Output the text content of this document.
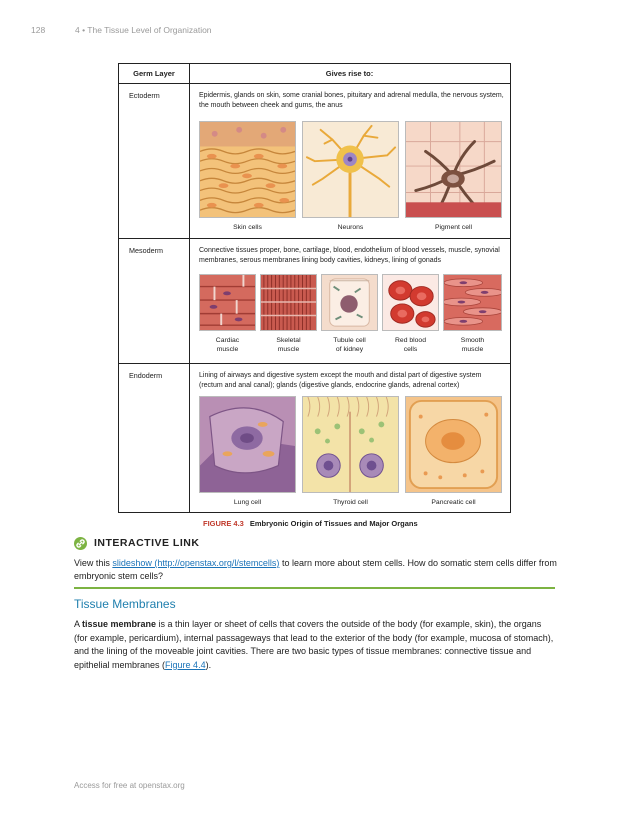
128	4 • The Tissue Level of Organization
Germ Layer	Gives rise to:
Ectoderm	Epidermis, glands on skin, some cranial bones, pituitary and adrenal medulla, the nervous system, the mouth between cheek and gums, the anus
Skin cells	Neurons	Pigment cell
Mesoderm	Connective tissues proper, bone, cartilage, blood, endothelium of blood vessels, muscle, synovial membranes, serous membranes lining body cavities, kidneys, lining of gonads
Cardiac
muscle
Skeletal
muscle
Tubule cell
of kidney
Red blood
cells
Smooth
muscle
Endoderm	Lining of airways and digestive system except the mouth and distal part of digestive system (rectum and anal canal); glands (digestive glands, endocrine glands, adrenal cortex)
Lung cell	Thyroid cell	Pancreatic cell
FIGURE 4.3 Embryonic Origin of Tissues and Major Organs
INTERACTIVE LINK
View this slideshow (http://openstax.org/l/stemcells) to learn more about stem cells. How do somatic stem cells differ from embryonic stem cells?
Tissue Membranes
A tissue membrane is a thin layer or sheet of cells that covers the outside of the body (for example, skin), the organs (for example, pericardium), internal passageways that lead to the exterior of the body (for example, mucosa of stomach), and the lining of the moveable joint cavities. There are two basic types of tissue membranes: connective tissue and epithelial membranes (Figure 4.4).
Access for free at openstax.org
